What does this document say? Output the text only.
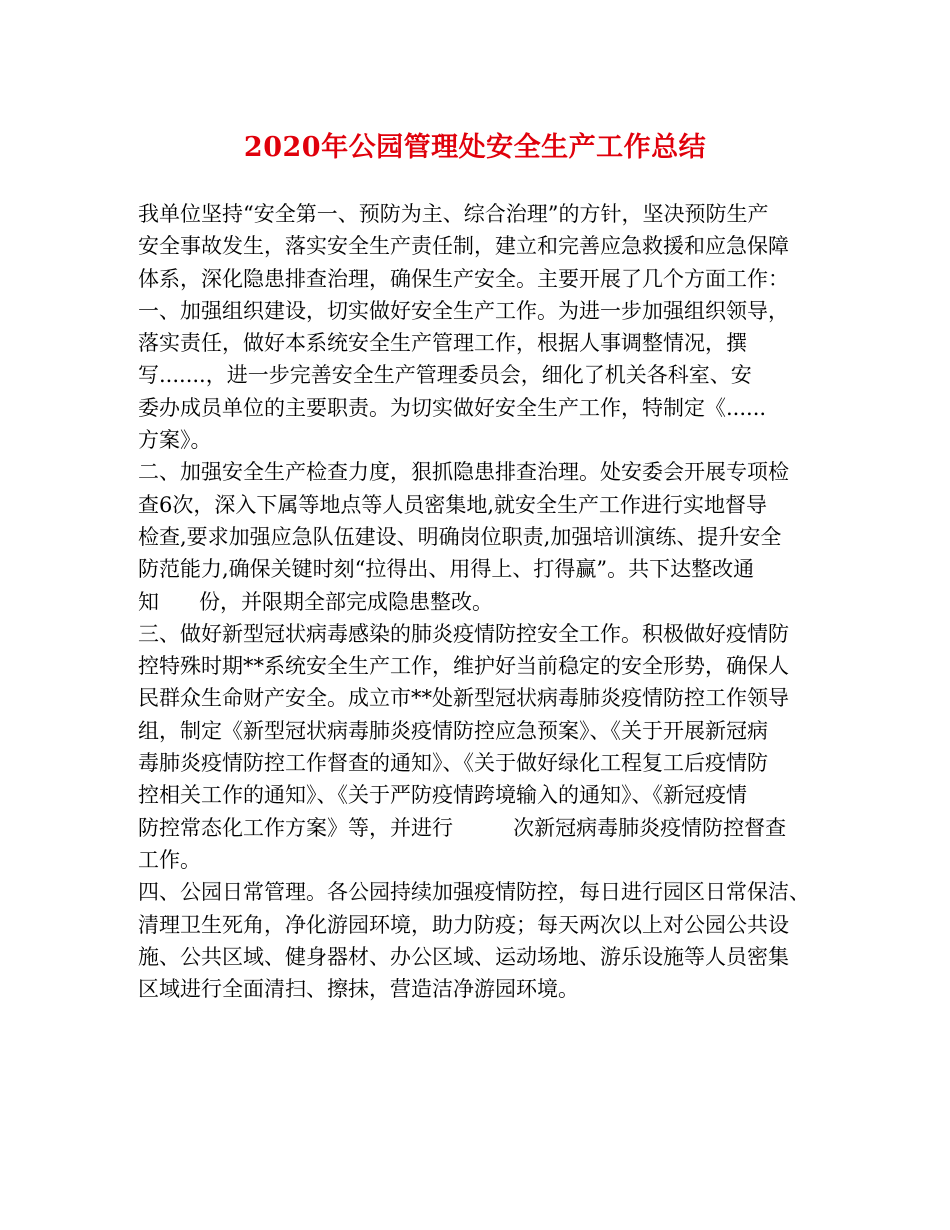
2020年公园管理处安全生产工作总结
我单位坚持“安全第一、预防为主、综合治理”的方针，坚决预防生产
安全事故发生，落实安全生产责任制，建立和完善应急救援和应急保障
体系，深化隐患排查治理，确保生产安全。主要开展了几个方面工作：
一、加强组织建设，切实做好安全生产工作。为进一步加强组织领导，
落实责任，做好本系统安全生产管理工作，根据人事调整情况，撰
写.......，进一步完善安全生产管理委员会，细化了机关各科室、安
委办成员单位的主要职责。为切实做好安全生产工作，特制定《......
方案》。
二、加强安全生产检查力度，狠抓隐患排查治理。处安委会开展专项检
查6次，深入下属等地点等人员密集地,就安全生产工作进行实地督导
检查,要求加强应急队伍建设、明确岗位职责,加强培训演练、提升安全
防范能力,确保关键时刻“拉得出、用得上、打得赢”。共下达整改通
知      份，并限期全部完成隐患整改。
三、做好新型冠状病毒感染的肺炎疫情防控安全工作。积极做好疫情防
控特殊时期**系统安全生产工作，维护好当前稳定的安全形势，确保人
民群众生命财产安全。成立市**处新型冠状病毒肺炎疫情防控工作领导
组，制定《新型冠状病毒肺炎疫情防控应急预案》、《关于开展新冠病
毒肺炎疫情防控工作督查的通知》、《关于做好绿化工程复工后疫情防
控相关工作的通知》、《关于严防疫情跨境输入的通知》、《新冠疫情
防控常态化工作方案》等，并进行         次新冠病毒肺炎疫情防控督查
工作。
四、公园日常管理。各公园持续加强疫情防控，每日进行园区日常保洁、
清理卫生死角，净化游园环境，助力防疫；每天两次以上对公园公共设
施、公共区域、健身器材、办公区域、运动场地、游乐设施等人员密集
区域进行全面清扫、擦抹，营造洁净游园环境。
